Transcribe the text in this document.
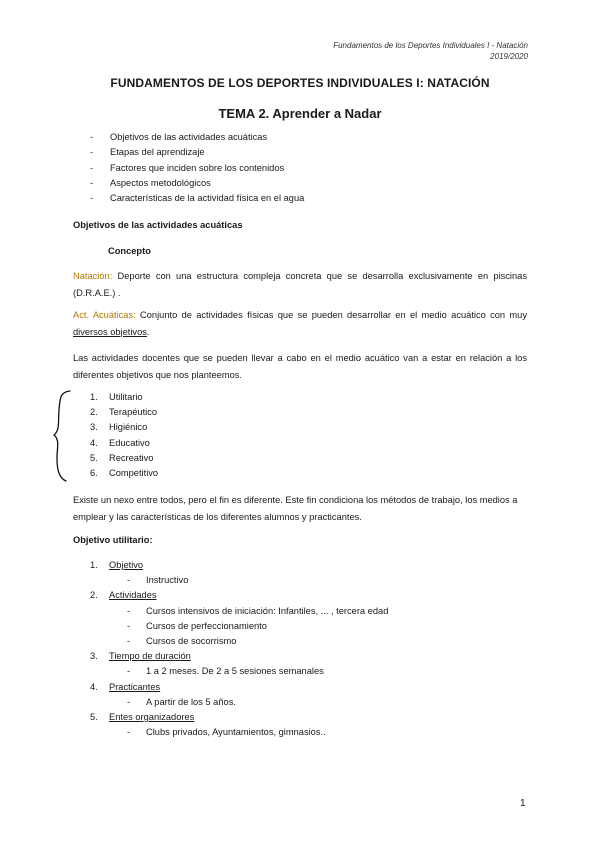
Fundamentos de los Deportes Individuales I - Natación
2019/2020
FUNDAMENTOS DE LOS DEPORTES INDIVIDUALES I: NATACIÓN
TEMA 2. Aprender a Nadar
- Objetivos de las actividades acuáticas
- Etapas del aprendizaje
- Factores que inciden sobre los contenidos
- Aspectos metodológicos
- Características de la actividad física en el agua
Objetivos de las actividades acuáticas
Concepto
Natación: Deporte con una estructura compleja concreta que se desarrolla exclusivamente en piscinas (D.R.A.E.) .
Act. Acuáticas: Conjunto de actividades físicas que se pueden desarrollar en el medio acuático con muy diversos objetivos.
Las actividades docentes que se pueden llevar a cabo en el medio acuático van a estar en relación a los diferentes objetivos que nos planteemos.
1. Utilitario
2. Terapéutico
3. Higiénico
4. Educativo
5. Recreativo
6. Competitivo
Existe un nexo entre todos, pero el fin es diferente. Este fin condiciona los métodos de trabajo, los medios a emplear y las características de los diferentes alumnos y practicantes.
Objetivo utilitario:
1. Objetivo
- Instructivo
2. Actividades
- Cursos intensivos de iniciación: Infantiles, ... , tercera edad
- Cursos de perfeccionamiento
- Cursos de socorrismo
3. Tiempo de duración
- 1 a 2 meses. De 2 a 5 sesiones semanales
4. Practicantes
- A partir de los 5 años.
5. Entes organizadores
- Clubs privados, Ayuntamientos, gimnasios..
1
